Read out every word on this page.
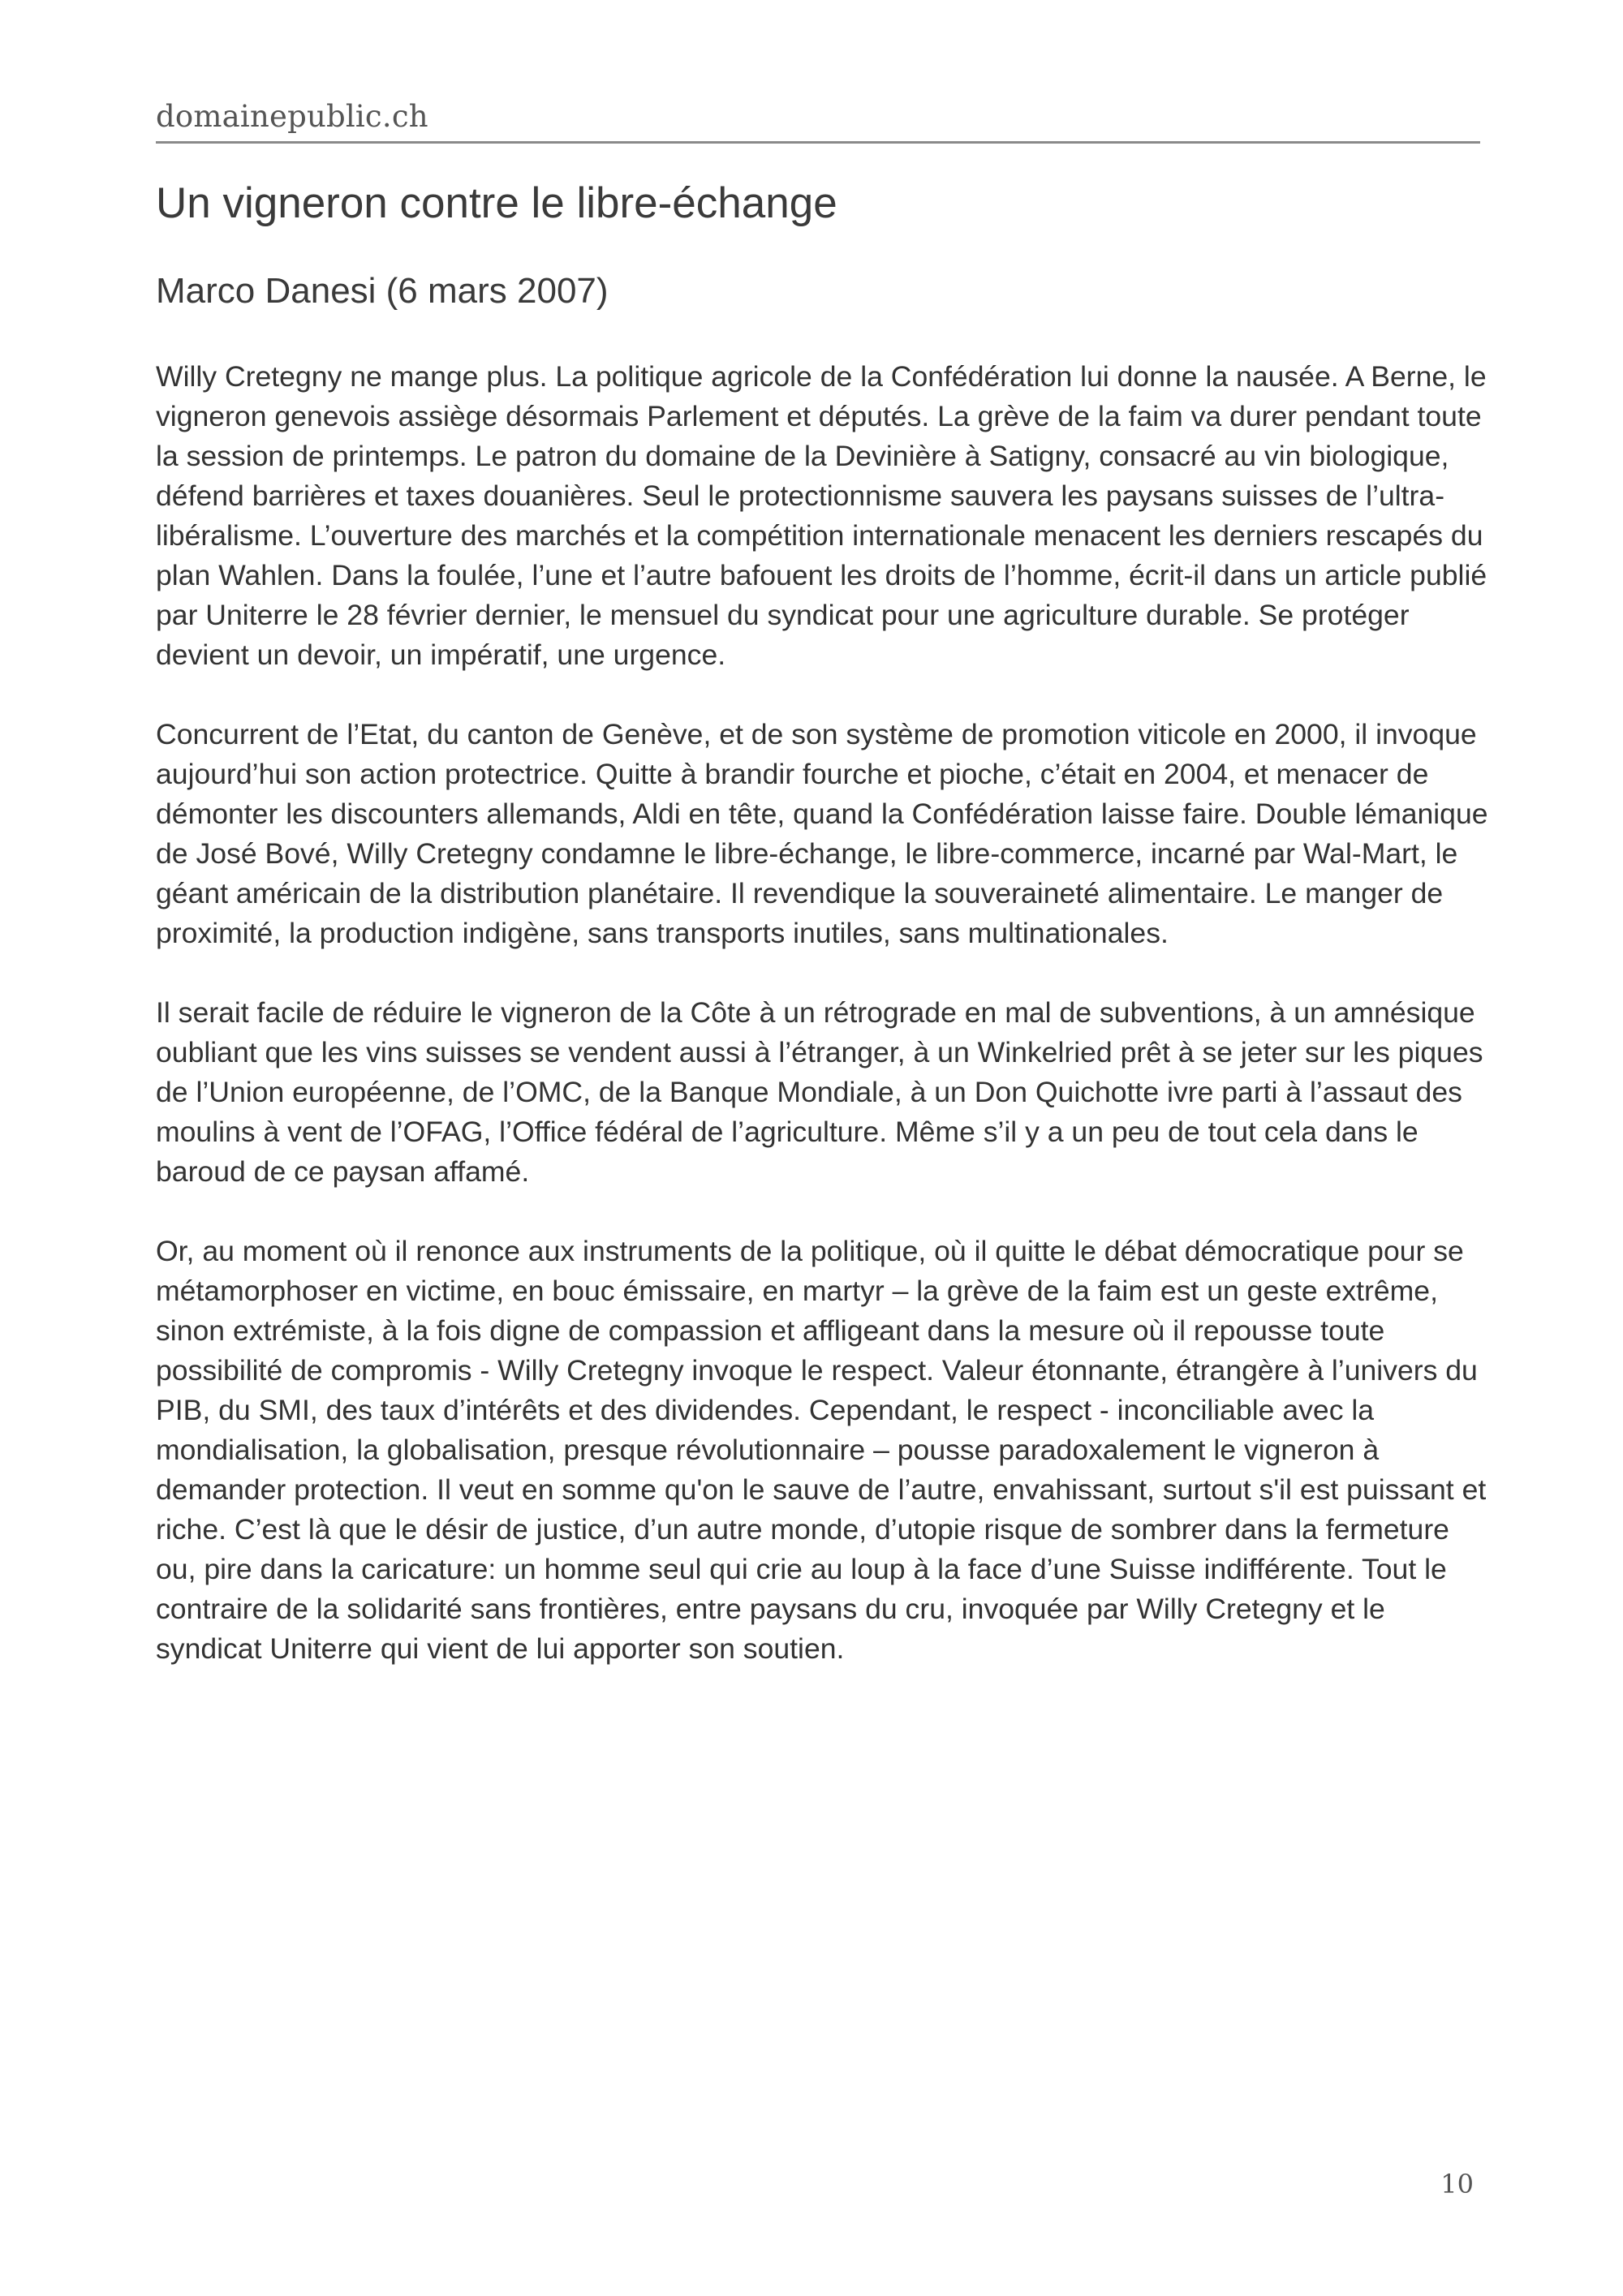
domainepublic.ch
Un vigneron contre le libre-échange

Marco Danesi (6 mars 2007)

Willy Cretegny ne mange plus. La politique agricole de la Confédération lui donne la nausée. A Berne, le vigneron genevois assiège désormais Parlement et députés. La grève de la faim va durer pendant toute la session de printemps. Le patron du domaine de la Devinière à Satigny, consacré au vin biologique, défend barrières et taxes douanières. Seul le protectionnisme sauvera les paysans suisses de l’ultra-libéralisme. L’ouverture des marchés et la compétition internationale menacent les derniers rescapés du plan Wahlen. Dans la foulée, l’une et l’autre bafouent les droits de l’homme, écrit-il dans un article publié par Uniterre le 28 février dernier, le mensuel du syndicat pour une agriculture durable. Se protéger devient un devoir, un impératif, une urgence.

Concurrent de l’Etat, du canton de Genève, et de son système de promotion viticole en 2000, il invoque aujourd’hui son action protectrice. Quitte à brandir fourche et pioche, c’était en 2004, et menacer de démonter les discounters allemands, Aldi en tête, quand la Confédération laisse faire. Double lémanique de José Bové, Willy Cretegny condamne le libre-échange, le libre-commerce, incarné par Wal-Mart, le géant américain de la distribution planétaire. Il revendique la souveraineté alimentaire. Le manger de proximité, la production indigène, sans transports inutiles, sans multinationales.

Il serait facile de réduire le vigneron de la Côte à un rétrograde en mal de subventions, à un amnésique oubliant que les vins suisses se vendent aussi à l’étranger, à un Winkelried prêt à se jeter sur les piques de l’Union européenne, de l’OMC, de la Banque Mondiale, à un Don Quichotte ivre parti à l’assaut des moulins à vent de l’OFAG, l’Office fédéral de l’agriculture. Même s’il y a un peu de tout cela dans le baroud de ce paysan affamé.

Or, au moment où il renonce aux instruments de la politique, où il quitte le débat démocratique pour se métamorphoser en victime, en bouc émissaire, en martyr – la grève de la faim est un geste extrême, sinon extrémiste, à la fois digne de compassion et affligeant dans la mesure où il repousse toute possibilité de compromis - Willy Cretegny invoque le respect. Valeur étonnante, étrangère à l’univers du PIB, du SMI, des taux d’intérêts et des dividendes. Cependant, le respect - inconciliable avec la mondialisation, la globalisation, presque révolutionnaire – pousse paradoxalement le vigneron à demander protection. Il veut en somme qu'on le sauve de l’autre, envahissant, surtout s'il est puissant et riche. C’est là que le désir de justice, d’un autre monde, d’utopie risque de sombrer dans la fermeture ou, pire dans la caricature: un homme seul qui crie au loup à la face d’une Suisse indifférente. Tout le contraire de la solidarité sans frontières, entre paysans du cru, invoquée par Willy Cretegny et le syndicat Uniterre qui vient de lui apporter son soutien.

10
